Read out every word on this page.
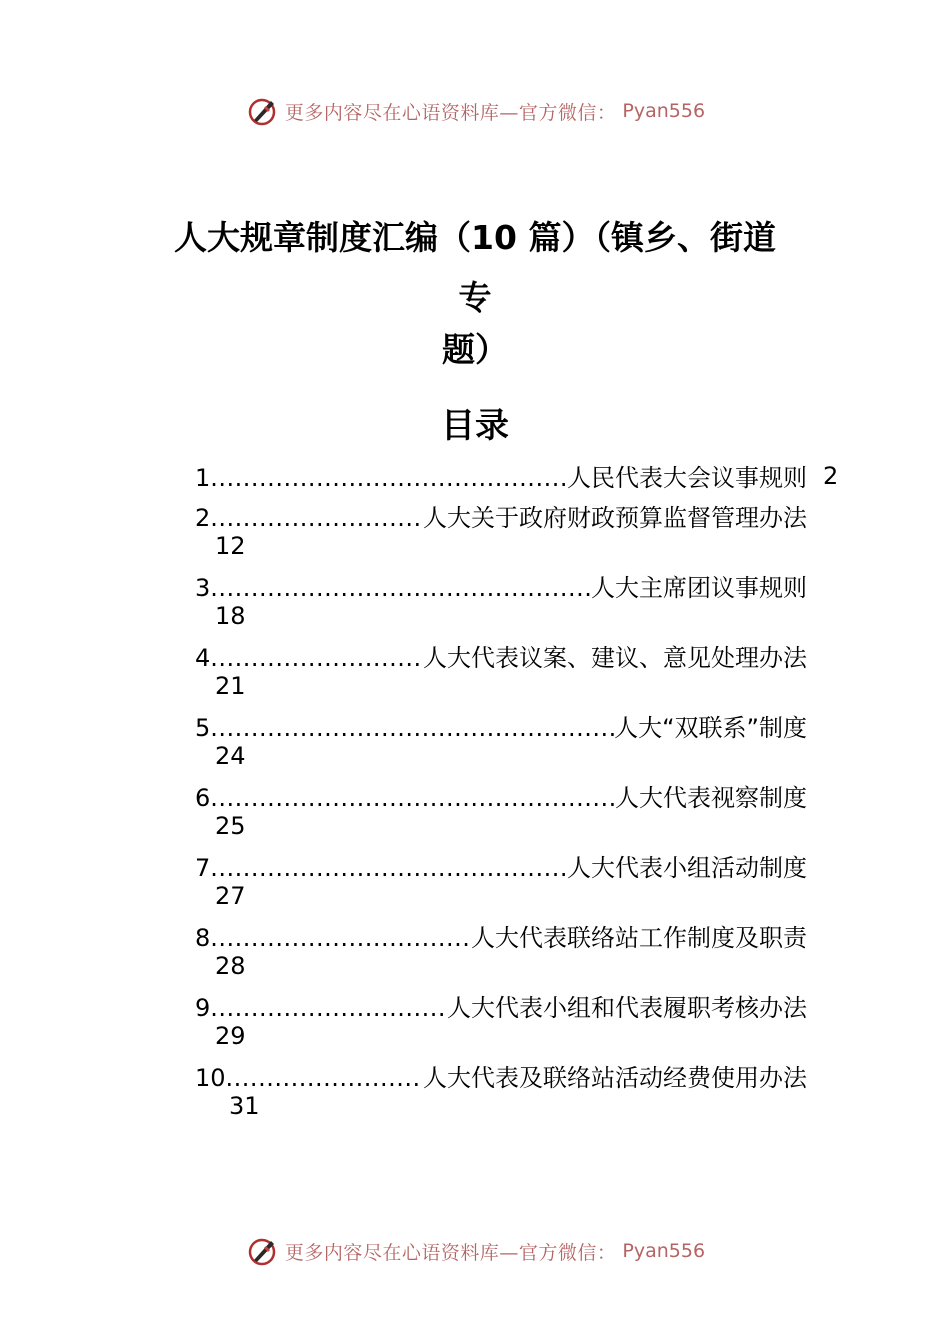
更多内容尽在心语资料库—官方微信： Pyan556
人大规章制度汇编（10 篇）（镇乡、街道
专
题）
目录
1 .....	人民代表大会议事规则 2
2 .....	人大关于政府财政预算监督管理办法
12
3 .....	人大主席团议事规则
18
4 .....	人大代表议案、建议、意见处理办法
21
5 .....	人大“双联系”制度
24
6 .....	人大代表视察制度
25
7 .....	人大代表小组活动制度
27
8 .....	人大代表联络站工作制度及职责
28
9 .....	人大代表小组和代表履职考核办法
29
10 .....	人大代表及联络站活动经费使用办法
31
更多内容尽在心语资料库—官方微信： Pyan556
